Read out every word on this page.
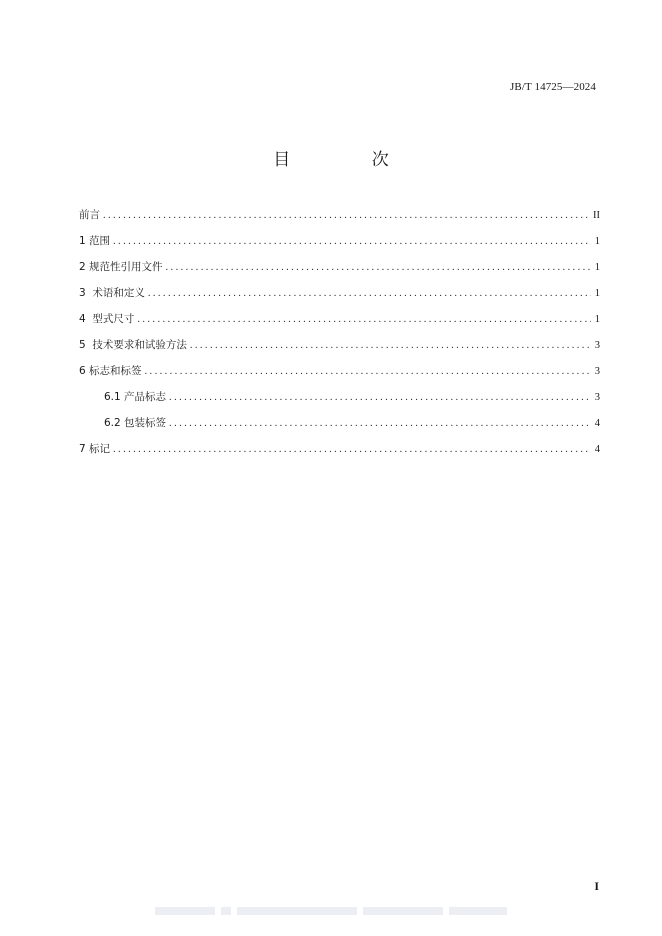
JB/T 14725—2024
目 次
前言 .....	II
1 范围 .....	1
2 规范性引用文件 .....	1
3  术语和定义 .....	1
4  型式尺寸 .....	1
5  技术要求和试验方法 .....	3
6 标志和标签 .....	3
6.1 产品标志 .....	3
6.2 包装标签 .....	4
7 标记 .....	4
I
